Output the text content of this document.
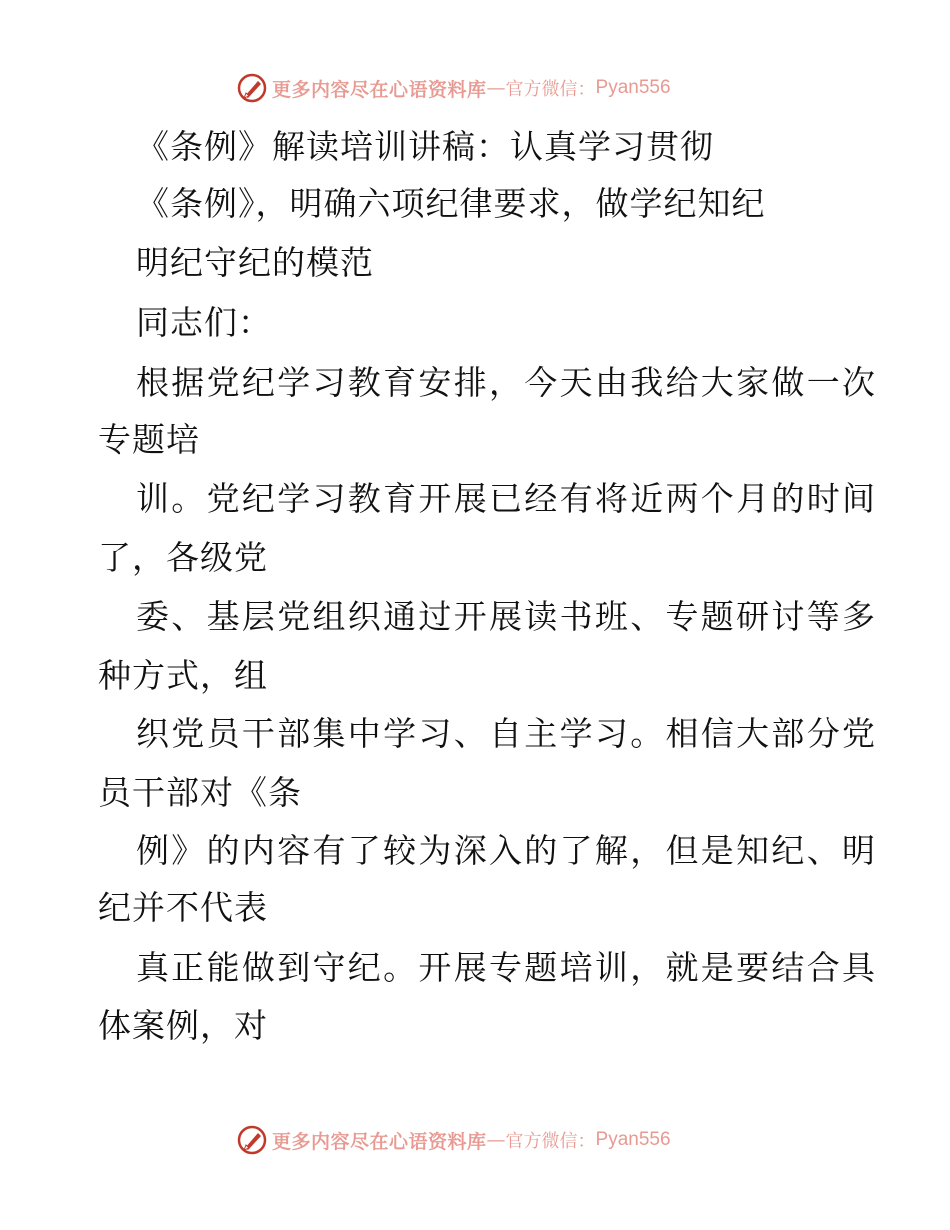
更多内容尽在心语资料库 — 官方微信： Pyan556
《条例》解读培训讲稿：认真学习贯彻
《条例》，明确六项纪律要求，做学纪知纪
明纪守纪的模范
同志们：
根据党纪学习教育安排，今天由我给大家做一次
专题培
训。党纪学习教育开展已经有将近两个月的时间
了，各级党
委、基层党组织通过开展读书班、专题研讨等多
种方式，组
织党员干部集中学习、自主学习。相信大部分党
员干部对《条
例》的内容有了较为深入的了解，但是知纪、明
纪并不代表
真正能做到守纪。开展专题培训，就是要结合具
体案例，对
更多内容尽在心语资料库 — 官方微信： Pyan556
